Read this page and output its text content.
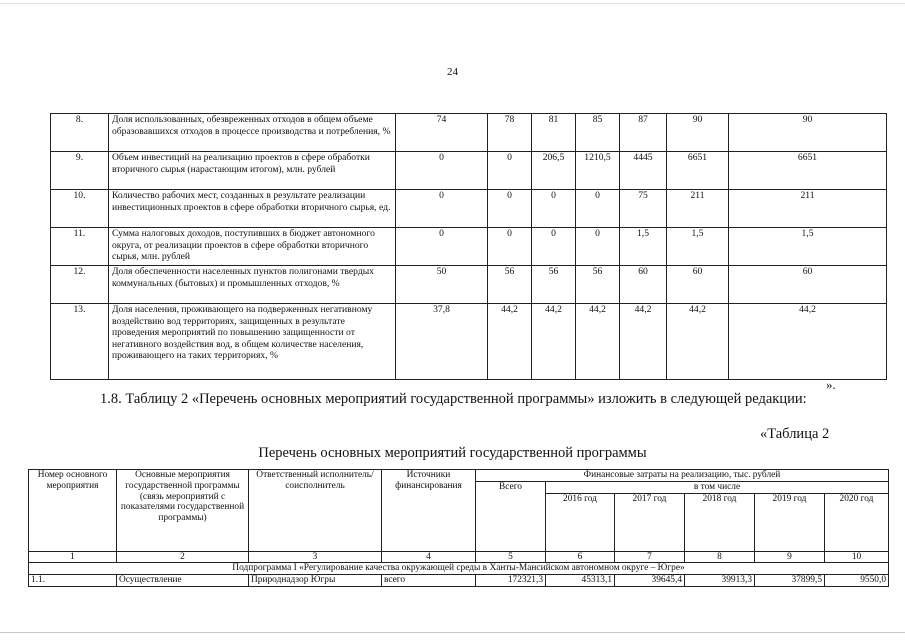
24
8.	Доля использованных, обезвреженных отходов в общем объеме образовавшихся отходов в процессе производства и потребления, %	74	78	81	85	87	90	90
9.	Объем инвестиций на реализацию проектов в сфере обработки вторичного сырья (нарастающим итогом), млн. рублей	0	0	206,5	1210,5	4445	6651	6651
10.	Количество рабочих мест, созданных в результате реализации инвестиционных проектов в сфере обработки вторичного сырья, ед.	0	0	0	0	75	211	211
11.	Сумма налоговых доходов, поступивших в бюджет автономного округа, от реализации проектов в сфере обработки вторичного сырья, млн. рублей	0	0	0	0	1,5	1,5	1,5
12.	Доля обеспеченности населенных пунктов полигонами твердых коммунальных (бытовых) и промышленных отходов, %	50	56	56	56	60	60	60
13.	Доля населения, проживающего на подверженных негативному воздействию вод территориях, защищенных в результате проведения мероприятий по повышению защищенности от негативного воздействия вод, в общем количестве населения, проживающего на таких территориях, %	37,8	44,2	44,2	44,2	44,2	44,2	44,2
».
1.8. Таблицу 2 «Перечень основных мероприятий государственной программы» изложить в следующей редакции:
«Таблица 2
Перечень основных мероприятий государственной программы
Номер основного мероприятия	Основные мероприятия государственной программы (связь мероприятий с показателями государственной программы)	Ответственный исполнитель/соисполнитель	Источники финансирования	Финансовые затраты на реализацию, тыс. рублей					
				Всего	в том числе				
					2016 год	2017 год	2018 год	2019 год	2020 год
1	2	3	4	5	6	7	8	9	10
Подпрограмма I «Регулирование качества окружающей среды в Ханты-Мансийском автономном округе – Югре»									
1.1.	Осуществление	Природнадзор Югры	всего	172321,3	45313,1	39645,4	39913,3	37899,5	9550,0
